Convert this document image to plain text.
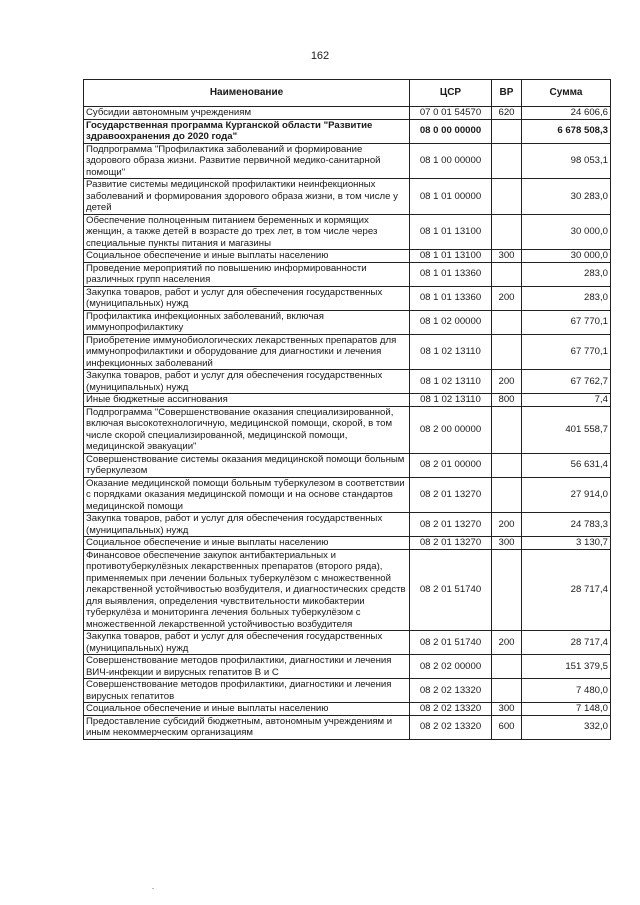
162
Наименование	ЦСР	ВР	Сумма
Субсидии автономным учреждениям	07 0 01 54570	620	24 606,6
Государственная программа Курганской области "Развитие здравоохранения до 2020 года"	08 0 00 00000		6 678 508,3
Подпрограмма "Профилактика заболеваний и формирование здорового образа жизни. Развитие первичной медико-санитарной помощи"	08 1 00 00000		98 053,1
Развитие системы медицинской профилактики неинфекционных заболеваний и формирования здорового образа жизни, в том числе у детей	08 1 01 00000		30 283,0
Обеспечение полноценным питанием беременных и кормящих женщин, а также детей в возрасте до трех лет, в том числе через специальные пункты питания и магазины	08 1 01 13100		30 000,0
Социальное обеспечение и иные выплаты населению	08 1 01 13100	300	30 000,0
Проведение мероприятий по повышению информированности различных групп населения	08 1 01 13360		283,0
Закупка товаров, работ и услуг для обеспечения государственных (муниципальных) нужд	08 1 01 13360	200	283,0
Профилактика инфекционных заболеваний, включая иммунопрофилактику	08 1 02 00000		67 770,1
Приобретение иммунобиологических лекарственных препаратов для иммунопрофилактики и оборудование для диагностики и лечения инфекционных заболеваний	08 1 02 13110		67 770,1
Закупка товаров, работ и услуг для обеспечения государственных (муниципальных) нужд	08 1 02 13110	200	67 762,7
Иные бюджетные ассигнования	08 1 02 13110	800	7,4
Подпрограмма "Совершенствование оказания специализированной, включая высокотехнологичную, медицинской помощи, скорой, в том числе скорой специализированной, медицинской помощи, медицинской эвакуации"	08 2 00 00000		401 558,7
Совершенствование системы оказания медицинской помощи больным туберкулезом	08 2 01 00000		56 631,4
Оказание медицинской помощи больным туберкулезом в соответствии с порядками оказания медицинской помощи и на основе стандартов медицинской помощи	08 2 01 13270		27 914,0
Закупка товаров, работ и услуг для обеспечения государственных (муниципальных) нужд	08 2 01 13270	200	24 783,3
Социальное обеспечение и иные выплаты населению	08 2 01 13270	300	3 130,7
Финансовое обеспечение закупок антибактериальных и противотуберкулёзных лекарственных препаратов (второго ряда), применяемых при лечении больных туберкулёзом с множественной лекарственной устойчивостью возбудителя, и диагностических средств для выявления, определения чувствительности микобактерии туберкулёза и мониторинга лечения больных туберкулёзом с множественной лекарственной устойчивостью возбудителя	08 2 01 51740		28 717,4
Закупка товаров, работ и услуг для обеспечения государственных (муниципальных) нужд	08 2 01 51740	200	28 717,4
Совершенствование методов профилактики, диагностики и лечения ВИЧ-инфекции и вирусных гепатитов В и С	08 2 02 00000		151 379,5
Совершенствование методов профилактики, диагностики и лечения вирусных гепатитов	08 2 02 13320		7 480,0
Социальное обеспечение и иные выплаты населению	08 2 02 13320	300	7 148,0
Предоставление субсидий бюджетным, автономным учреждениям и иным некоммерческим организациям	08 2 02 13320	600	332,0
